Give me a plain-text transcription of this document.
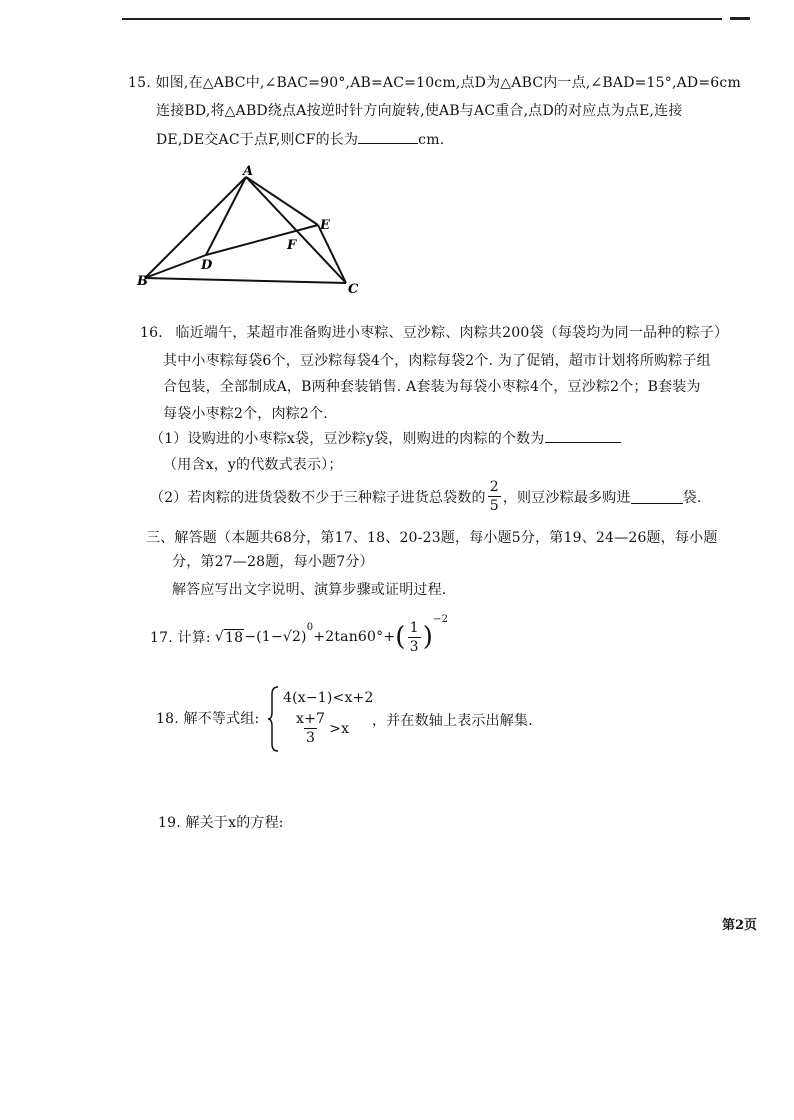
15. 如图,在△ABC中,∠BAC=90°,AB=AC=10cm,点D为△ABC内一点,∠BAD=15°,AD=6cm
连接BD,将△ABD绕点A按逆时针方向旋转,使AB与AC重合,点D的对应点为点E,连接
DE,DE交AC于点F,则CF的长为	cm.
A
B
C
D
E
F
16. 临近端午，某超市准备购进小枣粽、豆沙粽、肉粽共200袋（每袋均为同一品种的粽子）
其中小枣粽每袋6个，豆沙粽每袋4个，肉粽每袋2个. 为了促销，超市计划将所购粽子组
合包装，全部制成A，B两种套装销售. A套装为每袋小枣粽4个，豆沙粽2个；B套装为
每袋小枣粽2个，肉粽2个.
（1）设购进的小枣粽x袋，豆沙粽y袋，则购进的肉粽的个数为
（用含x，y的代数式表示）；
（2）若肉粽的进货袋数不少于三种粽子进货总袋数的 $\frac{2}{5}$ ，则豆沙粽最多购进	袋.
三、解答题（本题共68分，第17、18、20-23题，每小题5分，第19、24—26题，每小题
分，第27—28题，每小题7分）
解答应写出文字说明、演算步骤或证明过程.
17. 计算: √ 18 −(1−√2)
$^0$
+2tan60°+ ( $\frac{1}{3}$ )
$^{-2}$
18. 解不等式组:
4(x−1)<x+2
$\frac{x+7}{3} >x$ ，并在数轴上表示出解集.
19. 解关于x的方程:
第2页
